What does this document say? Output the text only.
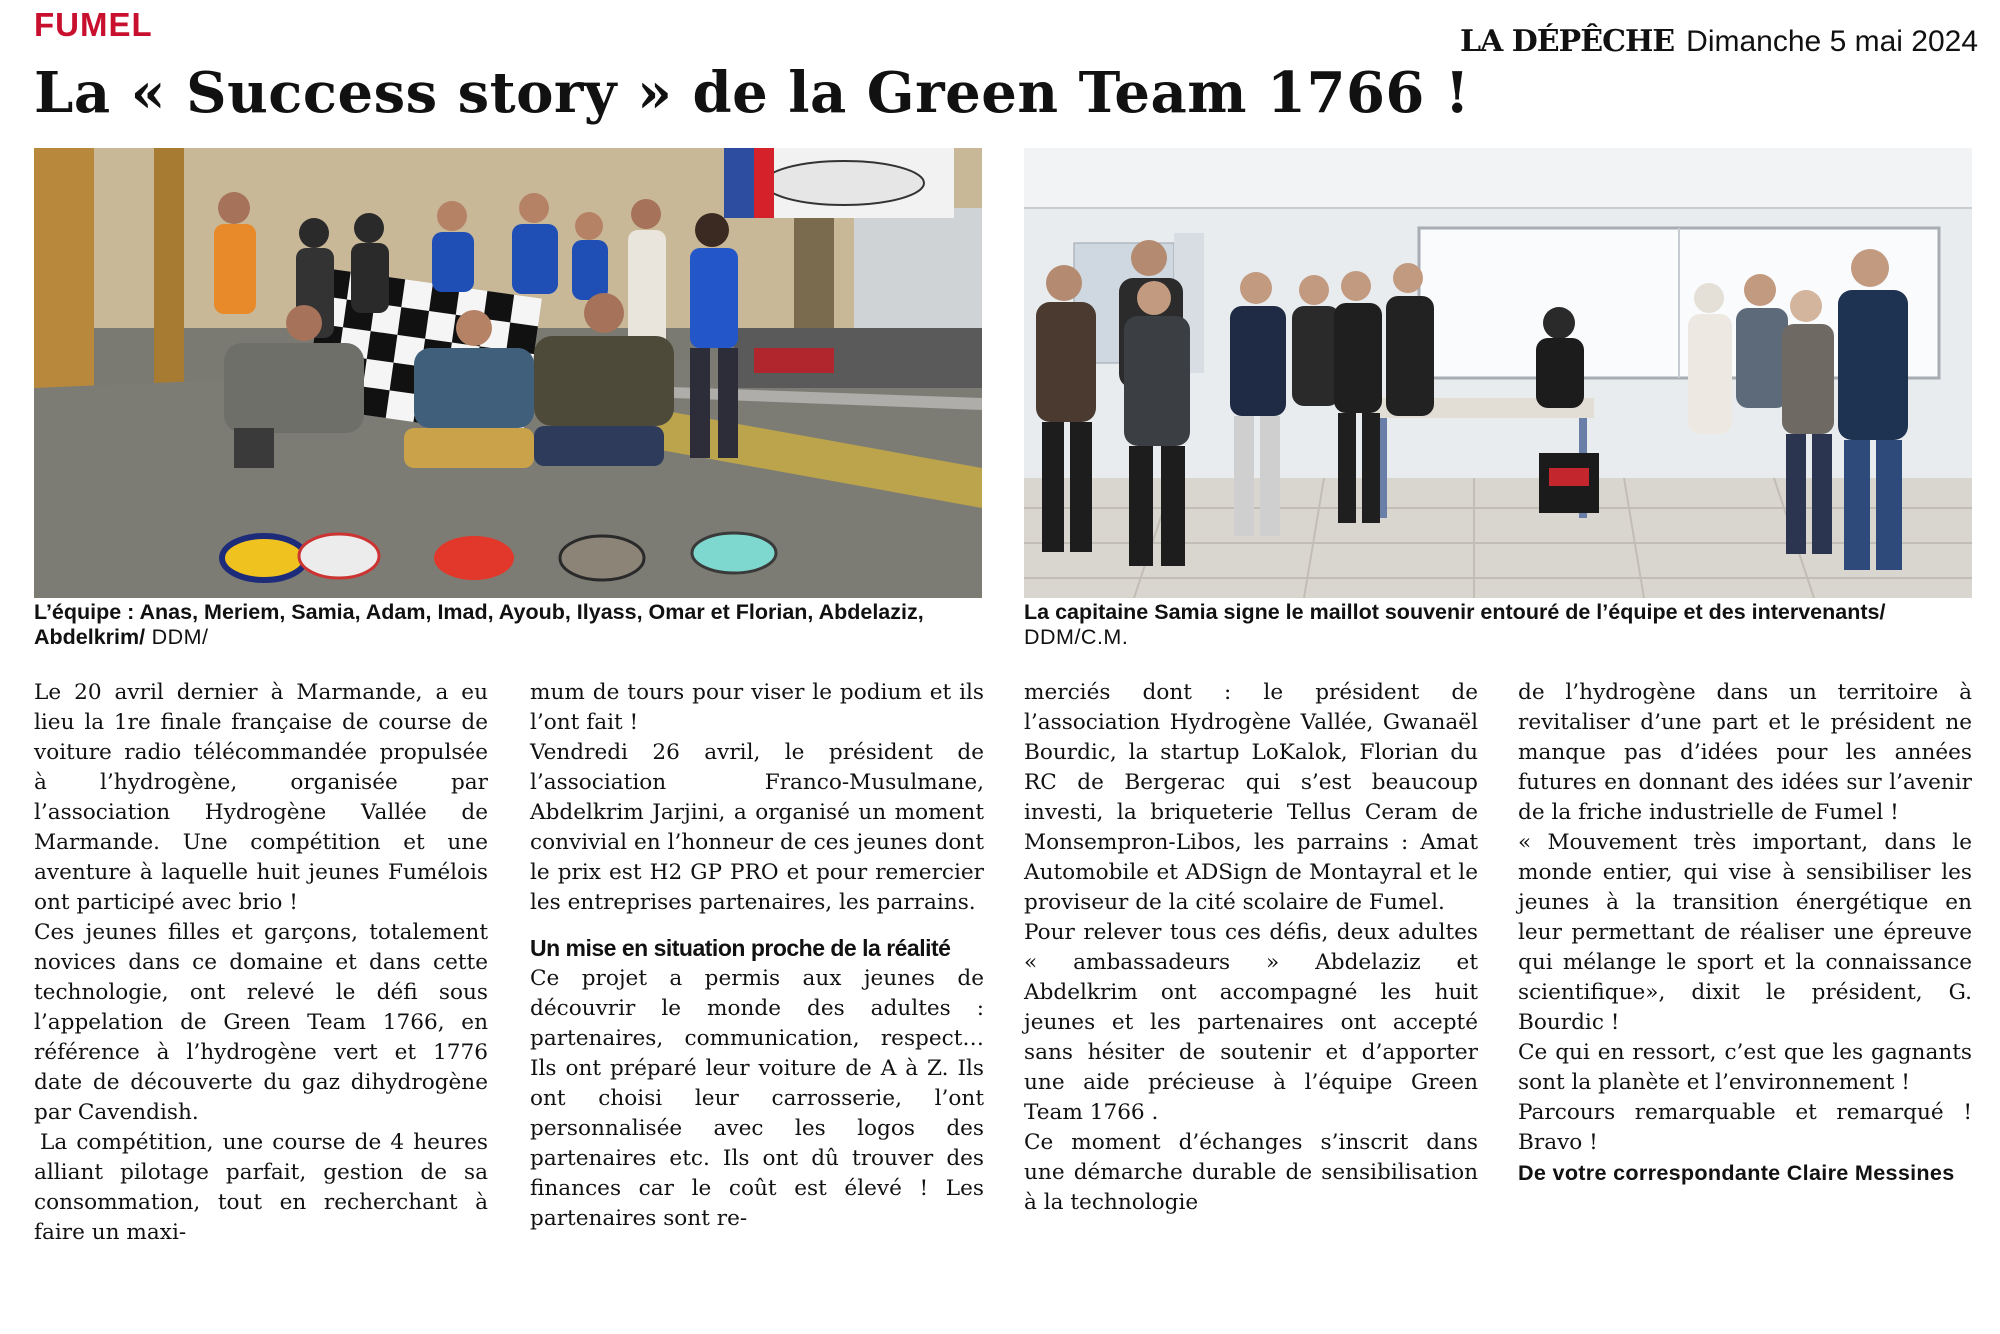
FUMEL	LA DÉPÊCHE Dimanche 5 mai 2024
La « Success story » de la Green Team 1766 !
L’équipe : Anas, Meriem, Samia, Adam, Imad, Ayoub, Ilyass, Omar et Florian, Abdelaziz, Abdelkrim/ DDM/
La capitaine Samia signe le maillot souvenir entouré de l’équipe et des intervenants/ DDM/C.M.

Le 20 avril dernier à Marmande, a eu lieu la 1re finale française de course de voiture radio télécommandée propulsée à l’hydrogène, organisée par l’association Hydrogène Vallée de Marmande. Une compétition et une aventure à laquelle huit jeunes Fumélois ont participé avec brio !

Ces jeunes filles et garçons, totalement novices dans ce domaine et dans cette technologie, ont relevé le défi sous l’appelation de Green Team 1766, en référence à l’hydrogène vert et 1776 date de découverte du gaz dihydrogène par Cavendish.

La compétition, une course de 4 heures alliant pilotage parfait, gestion de sa consommation, tout en recherchant à faire un maxi-

mum de tours pour viser le podium et ils l’ont fait !

Vendredi 26 avril, le président de l’association Franco-Musulmane, Abdelkrim Jarjini, a organisé un moment convivial en l’honneur de ces jeunes dont le prix est H2 GP PRO et pour remercier les entreprises partenaires, les parrains.

Un mise en situation proche de la réalité

Ce projet a permis aux jeunes de découvrir le monde des adultes : partenaires, communication, respect… Ils ont préparé leur voiture de A à Z. Ils ont choisi leur carrosserie, l’ont personnalisée avec les logos des partenaires etc. Ils ont dû trouver des finances car le coût est élevé ! Les partenaires sont re-

merciés dont : le président de l’association Hydrogène Vallée, Gwanaël Bourdic, la startup LoKalok, Florian du RC de Bergerac qui s’est beaucoup investi, la briqueterie Tellus Ceram de Monsempron-Libos, les parrains : Amat Automobile et ADSign de Montayral et le proviseur de la cité scolaire de Fumel.

Pour relever tous ces défis, deux adultes « ambassadeurs » Abdelaziz et Abdelkrim ont accompagné les huit jeunes et les partenaires ont accepté sans hésiter de soutenir et d’apporter une aide précieuse à l’équipe Green Team 1766 .

Ce moment d’échanges s’inscrit dans une démarche durable de sensibilisation à la technologie

de l’hydrogène dans un territoire à revitaliser d’une part et le président ne manque pas d’idées pour les années futures en donnant des idées sur l’avenir de la friche industrielle de Fumel !

« Mouvement très important, dans le monde entier, qui vise à sensibiliser les jeunes à la transition énergétique en leur permettant de réaliser une épreuve qui mélange le sport et la connaissance scientifique», dixit le président, G. Bourdic !

Ce qui en ressort, c’est que les gagnants sont la planète et l’environnement !

Parcours remarquable et remarqué ! Bravo !

De votre correspondante Claire Messines
